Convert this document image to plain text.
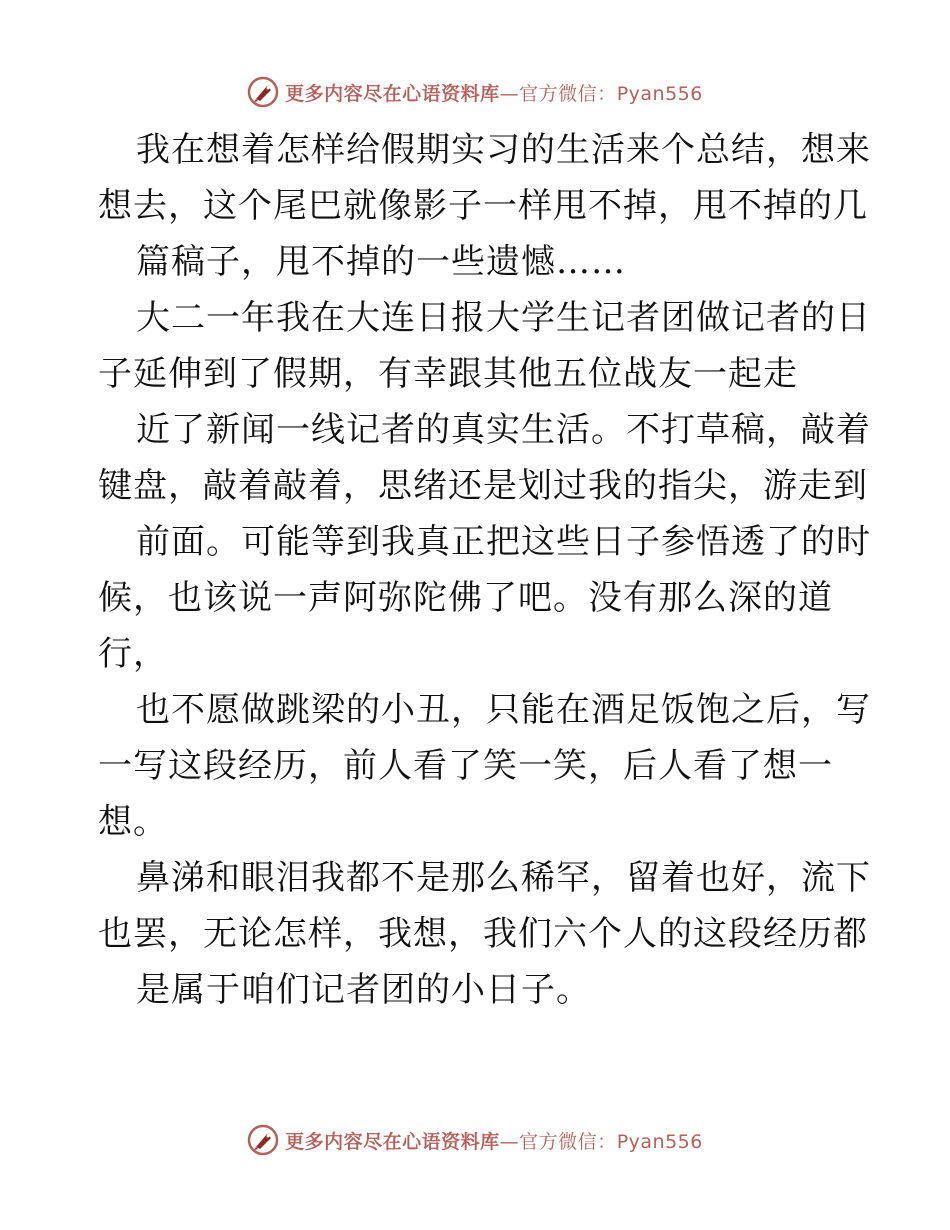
更多内容尽在心语资料库—官方微信：Pyan556
我在想着怎样给假期实习的生活来个总结，想来
想去，这个尾巴就像影子一样甩不掉，甩不掉的几
篇稿子，甩不掉的一些遗憾……
大二一年我在大连日报大学生记者团做记者的日
子延伸到了假期，有幸跟其他五位战友一起走
近了新闻一线记者的真实生活。不打草稿，敲着
键盘，敲着敲着，思绪还是划过我的指尖，游走到
前面。可能等到我真正把这些日子参悟透了的时
候，也该说一声阿弥陀佛了吧。没有那么深的道
行，
也不愿做跳梁的小丑，只能在酒足饭饱之后，写
一写这段经历，前人看了笑一笑，后人看了想一
想。
鼻涕和眼泪我都不是那么稀罕，留着也好，流下
也罢，无论怎样，我想，我们六个人的这段经历都
是属于咱们记者团的小日子。
更多内容尽在心语资料库—官方微信：Pyan556
